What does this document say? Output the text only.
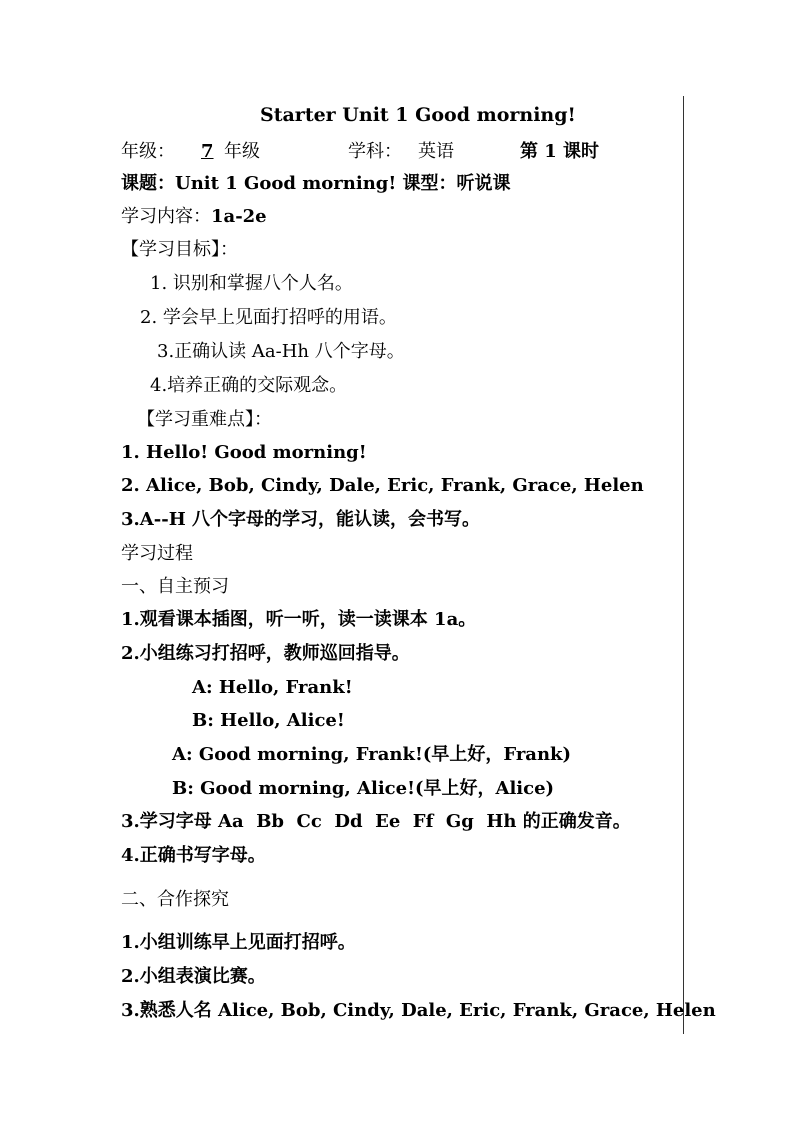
Starter Unit 1 Good morning!
年级： 7 年级	学科： 英语	第 1 课时
课题：Unit 1 Good morning! 课型：听说课
学习内容：1a-2e
【学习目标】：
1. 识别和掌握八个人名。
2. 学会早上见面打招呼的用语。
3.正确认读 Aa-Hh 八个字母。
4.培养正确的交际观念。
【学习重难点】：
1. Hello! Good morning!
2. Alice, Bob, Cindy, Dale, Eric, Frank, Grace, Helen
3.A--H 八个字母的学习，能认读，会书写。
学习过程
一、自主预习
1.观看课本插图，听一听，读一读课本 1a。
2.小组练习打招呼，教师巡回指导。
A: Hello, Frank!
B: Hello, Alice!
A: Good morning, Frank!(早上好，Frank)
B: Good morning, Alice!(早上好，Alice)
3.学习字母 Aa  Bb  Cc  Dd  Ee  Ff  Gg  Hh 的正确发音。
4.正确书写字母。
二、合作探究
1.小组训练早上见面打招呼。
2.小组表演比赛。
3.熟悉人名 Alice, Bob, Cindy, Dale, Eric, Frank, Grace, Helen
